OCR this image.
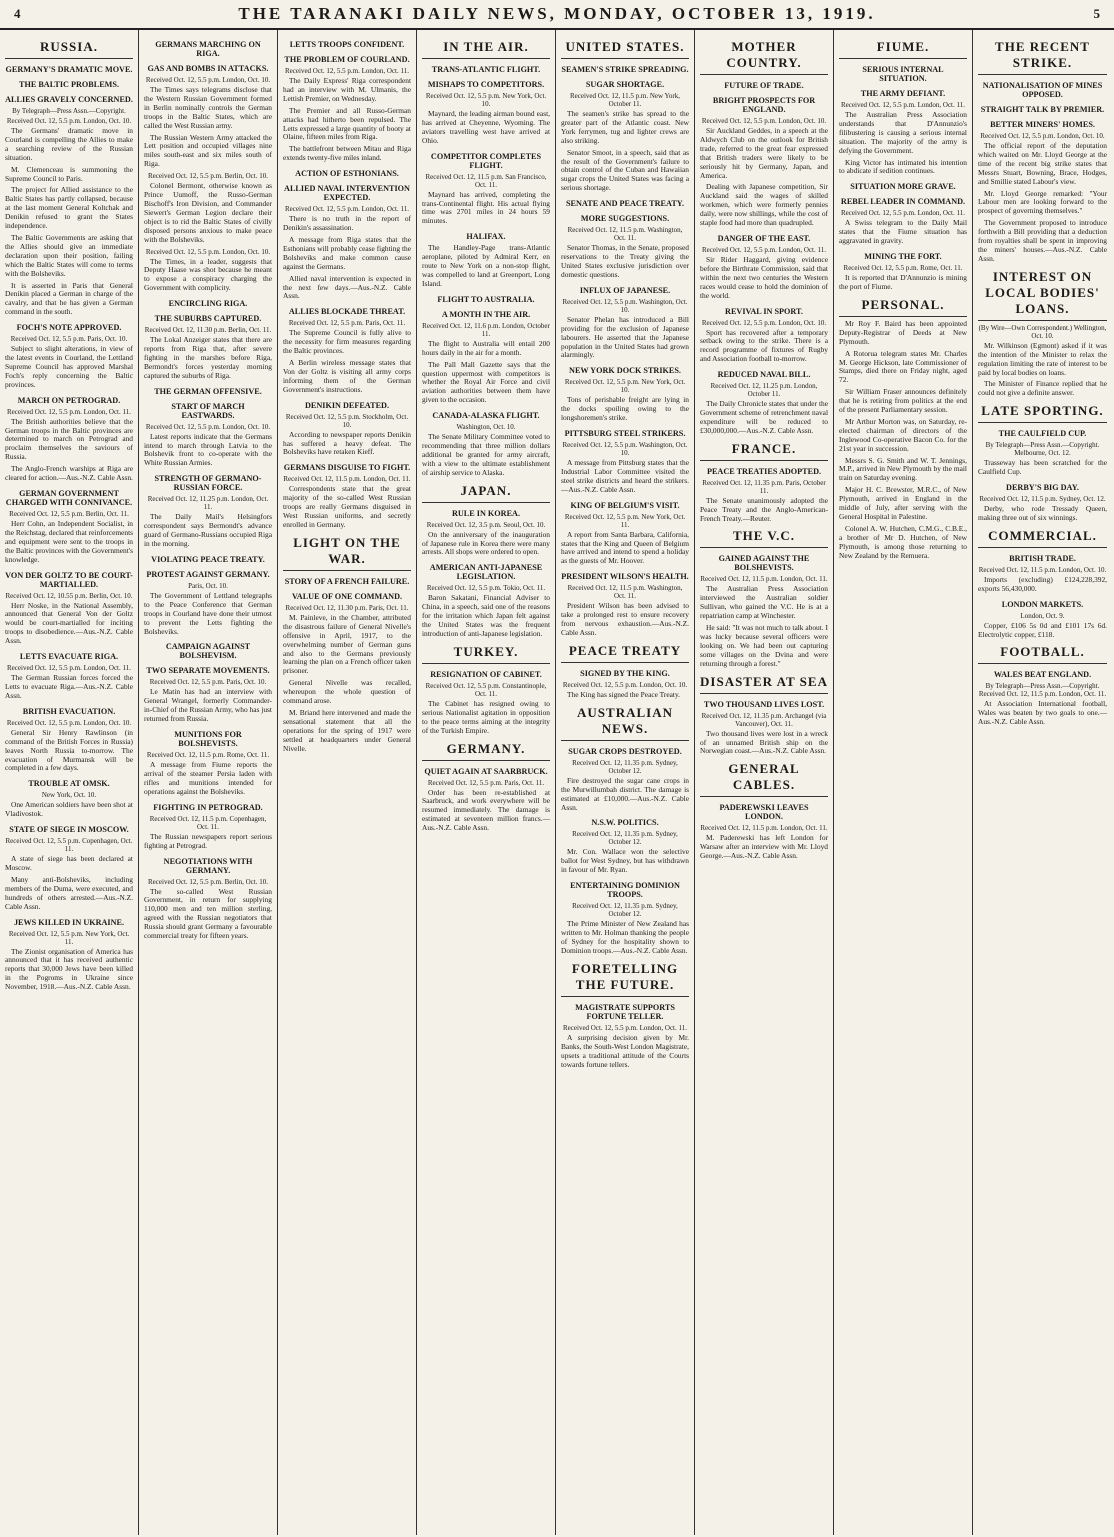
4	THE TARANAKI DAILY NEWS, MONDAY, OCTOBER 13, 1919.	5
RUSSIA.
GERMANY'S DRAMATIC MOVE.
THE BALTIC PROBLEMS.
ALLIES GRAVELY CONCERNED.
By Telegraph—Press Assn.—Copyright.
Received Oct. 12, 5.5 p.m. London, Oct. 10.
The Germans' dramatic move in Courland is compelling the Allies to make a searching review of the Russian situation.
M. Clemenceau is summoning the Supreme Council to Paris.
The project for Allied assistance to the Baltic States has partly collapsed, because at the last moment General Koltchak and Denikin refused to grant the States independence.
The Baltic Governments are asking that the Allies should give an immediate declaration upon their position, failing which the Baltic States will come to terms with the Bolsheviks.
It is asserted in Paris that General Denikin placed a German in charge of the cavalry, and that he has given a German command in the south.
FOCH'S NOTE APPROVED.
Received Oct. 12, 5.5 p.m. Paris, Oct. 10.
Subject to slight alterations, in view of the latest events in Courland, the Lettland Supreme Council has approved Marshal Foch's reply concerning the Baltic provinces.
MARCH ON PETROGRAD.
Received Oct. 12, 5.5 p.m. London, Oct. 11.
The British authorities believe that the German troops in the Baltic provinces are determined to march on Petrograd and proclaim themselves the saviours of Russia.
The Anglo-French warships at Riga are cleared for action.—Aus.-N.Z. Cable Assn.
GERMAN GOVERNMENT CHARGED WITH CONNIVANCE.
Received Oct. 12, 5.5 p.m. Berlin, Oct. 11.
Herr Cohn, an Independent Socialist, in the Reichstag, declared that reinforcements and equipment were sent to the troops in the Baltic provinces with the Government's knowledge.
VON DER GOLTZ TO BE COURT-MARTIALLED.
Received Oct. 12, 10.55 p.m. Berlin, Oct. 10.
Herr Noske, in the National Assembly, announced that General Von der Goltz would be court-martialled for inciting troops to disobedience.—Aus.-N.Z. Cable Assn.
LETTS EVACUATE RIGA.
Received Oct. 12, 5.5 p.m. London, Oct. 11.
The German Russian forces forced the Letts to evacuate Riga.—Aus.-N.Z. Cable Assn.
BRITISH EVACUATION.
Received Oct. 12, 5.5 p.m. London, Oct. 10.
General Sir Henry Rawlinson (in command of the British Forces in Russia) leaves North Russia to-morrow. The evacuation of Murmansk will be completed in a few days.
TROUBLE AT OMSK.
New York, Oct. 10.
One American soldiers have been shot at Vladivostok.
STATE OF SIEGE IN MOSCOW.
Received Oct. 12, 5.5 p.m. Copenhagen, Oct. 11.
A state of siege has been declared at Moscow.
Many anti-Bolsheviks, including members of the Duma, were executed, and hundreds of others arrested.—Aus.-N.Z. Cable Assn.
JEWS KILLED IN UKRAINE.
Received Oct. 12, 5.5 p.m. New York, Oct. 11.
The Zionist organisation of America has announced that it has received authentic reports that 30,000 Jews have been killed in the Pogroms in Ukraine since November, 1918.—Aus.-N.Z. Cable Assn.
GERMANS MARCHING ON RIGA.
GAS AND BOMBS IN ATTACKS.
Received Oct. 12, 5.5 p.m. London, Oct. 10.
The Times says telegrams disclose that the Western Russian Government formed in Berlin nominally controls the German troops in the Baltic States, which are called the West Russian army.
The Russian Western Army attacked the Lett position and occupied villages nine miles south-east and six miles south of Riga.
Received Oct. 12, 5.5 p.m. Berlin, Oct. 10.
Colonel Bermont, otherwise known as Prince Uumoff, the Russo-German Bischoff's Iron Division, and Commander Siewert's German Legion declare their object is to rid the Baltic States of civilly disposed persons anxious to make peace with the Bolsheviks.
Received Oct. 12, 5.5 p.m. London, Oct. 10.
The Times, in a leader, suggests that Deputy Haase was shot because he meant to expose a conspiracy charging the Government with complicity.
ENCIRCLING RIGA.
THE SUBURBS CAPTURED.
Received Oct. 12, 11.30 p.m. Berlin, Oct. 11.
The Lokal Anzeiger states that there are reports from Riga that, after severe fighting in the marshes before Riga, Bermondt's forces yesterday morning captured the suburbs of Riga.
THE GERMAN OFFENSIVE.
START OF MARCH EASTWARDS.
Received Oct. 12, 5.5 p.m. London, Oct. 10.
Latest reports indicate that the Germans intend to march through Latvia to the Bolshevik front to co-operate with the White Russian Armies.
STRENGTH OF GERMANO-RUSSIAN FORCE.
Received Oct. 12, 11.25 p.m. London, Oct. 11.
The Daily Mail's Helsingfors correspondent says Bermondt's advance guard of Germano-Russians occupied Riga in the morning.
VIOLATING PEACE TREATY.
PROTEST AGAINST GERMANY.
Paris, Oct. 10.
The Government of Lettland telegraphs to the Peace Conference that German troops in Courland have done their utmost to prevent the Letts fighting the Bolsheviks.
CAMPAIGN AGAINST BOLSHEVISM.
TWO SEPARATE MOVEMENTS.
Received Oct. 12, 5.5 p.m. Paris, Oct. 10.
Le Matin has had an interview with General Wrangel, formerly Commander-in-Chief of the Russian Army, who has just returned from Russia.
MUNITIONS FOR BOLSHEVISTS.
Received Oct. 12, 11.5 p.m. Rome, Oct. 11.
A message from Fiume reports the arrival of the steamer Persia laden with rifles and munitions intended for operations against the Bolsheviks.
FIGHTING IN PETROGRAD.
Received Oct. 12, 11.5 p.m. Copenhagen, Oct. 11.
The Russian newspapers report serious fighting at Petrograd.
NEGOTIATIONS WITH GERMANY.
Received Oct. 12, 5.5 p.m. Berlin, Oct. 10.
The so-called West Russian Government, in return for supplying 110,000 men and ten million sterling, agreed with the Russian negotiators that Russia should grant Germany a favourable commercial treaty for fifteen years.
LETTS TROOPS CONFIDENT.
THE PROBLEM OF COURLAND.
Received Oct. 12, 5.5 p.m. London, Oct. 11.
The Daily Express' Riga correspondent had an interview with M. Ulmanis, the Lettish Premier, on Wednesday.
The Premier and all Russo-German attacks had hitherto been repulsed. The Letts expressed a large quantity of booty at Olaine, fifteen miles from Riga.
The battlefront between Mitau and Riga extends twenty-five miles inland.
ACTION OF ESTHONIANS.
ALLIED NAVAL INTERVENTION EXPECTED.
Received Oct. 12, 5.5 p.m. London, Oct. 11.
There is no truth in the report of Denikin's assassination.
A message from Riga states that the Esthonians will probably cease fighting the Bolsheviks and make common cause against the Germans.
Allied naval intervention is expected in the next few days.—Aus.-N.Z. Cable Assn.
ALLIES BLOCKADE THREAT.
Received Oct. 12, 5.5 p.m. Paris, Oct. 11.
The Supreme Council is fully alive to the necessity for firm measures regarding the Baltic provinces.
A Berlin wireless message states that Von der Goltz is visiting all army corps informing them of the German Government's instructions.
DENIKIN DEFEATED.
Received Oct. 12, 5.5 p.m. Stockholm, Oct. 10.
According to newspaper reports Denikin has suffered a heavy defeat. The Bolsheviks have retaken Kieff.
GERMANS DISGUISE TO FIGHT.
Received Oct. 12, 11.5 p.m. London, Oct. 11.
Correspondents state that the great majority of the so-called West Russian troops are really Germans disguised in West Russian uniforms, and secretly enrolled in Germany.
LIGHT ON THE WAR.
STORY OF A FRENCH FAILURE.
VALUE OF ONE COMMAND.
Received Oct. 12, 11.30 p.m. Paris, Oct. 11.
M. Painleve, in the Chamber, attributed the disastrous failure of General Nivelle's offensive in April, 1917, to the overwhelming number of German guns and also to the Germans previously learning the plan on a French officer taken prisoner.
General Nivelle was recalled, whereupon the whole question of command arose.
M. Briand here intervened and made the sensational statement that all the operations for the spring of 1917 were settled at headquarters under General Nivelle.
IN THE AIR.
TRANS-ATLANTIC FLIGHT.
MISHAPS TO COMPETITORS.
Received Oct. 12, 5.5 p.m. New York, Oct. 10.
Maynard, the leading airman bound east, has arrived at Cheyenne, Wyoming. The aviators travelling west have arrived at Ohio.
COMPETITOR COMPLETES FLIGHT.
Received Oct. 12, 11.5 p.m. San Francisco, Oct. 11.
Maynard has arrived, completing the trans-Continental flight. His actual flying time was 2701 miles in 24 hours 59 minutes.
HALIFAX.
The Handley-Page trans-Atlantic aeroplane, piloted by Admiral Kerr, en route to New York on a non-stop flight, was compelled to land at Greenport, Long Island.
FLIGHT TO AUSTRALIA.
A MONTH IN THE AIR.
Received Oct. 12, 11.6 p.m. London, October 11.
The flight to Australia will entail 200 hours daily in the air for a month.
The Pall Mall Gazette says that the question uppermost with competitors is whether the Royal Air Force and civil aviation authorities between them have given to the occasion.
CANADA-ALASKA FLIGHT.
Washington, Oct. 10.
The Senate Military Committee voted to recommending that three million dollars additional be granted for army aircraft, with a view to the ultimate establishment of airship service to Alaska.
JAPAN.
RULE IN KOREA.
Received Oct. 12, 3.5 p.m. Seoul, Oct. 10.
On the anniversary of the inauguration of Japanese rule in Korea there were many arrests. All shops were ordered to open.
AMERICAN ANTI-JAPANESE LEGISLATION.
Received Oct. 12, 5.5 p.m. Tokio, Oct. 11.
Baron Sakatani, Financial Adviser to China, in a speech, said one of the reasons for the irritation which Japan felt against the United States was the frequent introduction of anti-Japanese legislation.
TURKEY.
RESIGNATION OF CABINET.
Received Oct. 12, 5.5 p.m. Constantinople, Oct. 11.
The Cabinet has resigned owing to serious Nationalist agitation in opposition to the peace terms aiming at the integrity of the Turkish Empire.
GERMANY.
QUIET AGAIN AT SAARBRUCK.
Received Oct. 12, 5.5 p.m. Paris, Oct. 11.
Order has been re-established at Saarbruck, and work everywhere will be resumed immediately. The damage is estimated at seventeen million francs.—Aus.-N.Z. Cable Assn.
UNITED STATES.
SEAMEN'S STRIKE SPREADING.
SUGAR SHORTAGE.
Received Oct. 12, 11.5 p.m. New York, October 11.
The seamen's strike has spread to the greater part of the Atlantic coast. New York ferrymen, tug and lighter crews are also striking.
Senator Smoot, in a speech, said that as the result of the Government's failure to obtain control of the Cuban and Hawaiian sugar crops the United States was facing a serious shortage.
SENATE AND PEACE TREATY.
MORE SUGGESTIONS.
Received Oct. 12, 11.5 p.m. Washington, Oct. 11.
Senator Thomas, in the Senate, proposed reservations to the Treaty giving the United States exclusive jurisdiction over domestic questions.
INFLUX OF JAPANESE.
Received Oct. 12, 5.5 p.m. Washington, Oct. 10.
Senator Phelan has introduced a Bill providing for the exclusion of Japanese labourers. He asserted that the Japanese population in the United States had grown alarmingly.
NEW YORK DOCK STRIKES.
Received Oct. 12, 5.5 p.m. New York, Oct. 10.
Tons of perishable freight are lying in the docks spoiling owing to the longshoremen's strike.
PITTSBURG STEEL STRIKERS.
Received Oct. 12, 5.5 p.m. Washington, Oct. 10.
A message from Pittsburg states that the Industrial Labor Committee visited the steel strike districts and heard the strikers.—Aus.-N.Z. Cable Assn.
KING OF BELGIUM'S VISIT.
Received Oct. 12, 5.5 p.m. New York, Oct. 11.
A report from Santa Barbara, California, states that the King and Queen of Belgium have arrived and intend to spend a holiday as the guests of Mr. Hoover.
PRESIDENT WILSON'S HEALTH.
Received Oct. 12, 11.5 p.m. Washington, Oct. 11.
President Wilson has been advised to take a prolonged rest to ensure recovery from nervous exhaustion.—Aus.-N.Z. Cable Assn.
PEACE TREATY
SIGNED BY THE KING.
Received Oct. 12, 5.5 p.m. London, Oct. 10.
The King has signed the Peace Treaty.
AUSTRALIAN NEWS.
SUGAR CROPS DESTROYED.
Received Oct. 12, 11.35 p.m. Sydney, October 12.
Fire destroyed the sugar cane crops in the Murwillumbah district. The damage is estimated at £10,000.—Aus.-N.Z. Cable Assn.
N.S.W. POLITICS.
Received Oct. 12, 11.35 p.m. Sydney, October 12.
Mr. Con. Wallace won the selective ballot for West Sydney, but has withdrawn in favour of Mr. Ryan.
ENTERTAINING DOMINION TROOPS.
Received Oct. 12, 11.35 p.m. Sydney, October 12.
The Prime Minister of New Zealand has written to Mr. Holman thanking the people of Sydney for the hospitality shown to Dominion troops.—Aus.-N.Z. Cable Assn.
FORETELLING THE FUTURE.
MAGISTRATE SUPPORTS FORTUNE TELLER.
Received Oct. 12, 5.5 p.m. London, Oct. 11.
A surprising decision given by Mr. Banks, the South-West London Magistrate, upsets a traditional attitude of the Courts towards fortune tellers.
MOTHER COUNTRY.
FUTURE OF TRADE.
BRIGHT PROSPECTS FOR ENGLAND.
Received Oct. 12, 5.5 p.m. London, Oct. 10.
Sir Auckland Geddes, in a speech at the Aldwych Club on the outlook for British trade, referred to the great fear expressed that British traders were likely to be seriously hit by Germany, Japan, and America.
Dealing with Japanese competition, Sir Auckland said the wages of skilled workmen, which were formerly pennies daily, were now shillings, while the cost of staple food had more than quadrupled.
DANGER OF THE EAST.
Received Oct. 12, 5.5 p.m. London, Oct. 11.
Sir Rider Haggard, giving evidence before the Birthrate Commission, said that within the next two centuries the Western races would cease to hold the dominion of the world.
REVIVAL IN SPORT.
Received Oct. 12, 5.5 p.m. London, Oct. 10.
Sport has recovered after a temporary setback owing to the strike. There is a record programme of fixtures of Rugby and Association football to-morrow.
REDUCED NAVAL BILL.
Received Oct. 12, 11.25 p.m. London, October 11.
The Daily Chronicle states that under the Government scheme of retrenchment naval expenditure will be reduced to £30,000,000.—Aus.-N.Z. Cable Assn.
FRANCE.
PEACE TREATIES ADOPTED.
Received Oct. 12, 11.35 p.m. Paris, October 11.
The Senate unanimously adopted the Peace Treaty and the Anglo-American-French Treaty.—Reuter.
THE V.C.
GAINED AGAINST THE BOLSHEVISTS.
Received Oct. 12, 11.5 p.m. London, Oct. 11.
The Australian Press Association interviewed the Australian soldier Sullivan, who gained the V.C. He is at a repatriation camp at Winchester.
He said: "It was not much to talk about. I was lucky because several officers were looking on. We had been out capturing some villages on the Dvina and were returning through a forest."
DISASTER AT SEA
TWO THOUSAND LIVES LOST.
Received Oct. 12, 11.35 p.m. Archangel (via Vancouver), Oct. 11.
Two thousand lives were lost in a wreck of an unnamed British ship on the Norwegian coast.—Aus.-N.Z. Cable Assn.
GENERAL CABLES.
PADEREWSKI LEAVES LONDON.
Received Oct. 12, 11.5 p.m. London, Oct. 11.
M. Paderewski has left London for Warsaw after an interview with Mr. Lloyd George.—Aus.-N.Z. Cable Assn.
FIUME.
SERIOUS INTERNAL SITUATION.
THE ARMY DEFIANT.
Received Oct. 12, 5.5 p.m. London, Oct. 11.
The Australian Press Association understands that D'Annunzio's filibustering is causing a serious internal situation. The majority of the army is defying the Government.
King Victor has intimated his intention to abdicate if sedition continues.
SITUATION MORE GRAVE.
REBEL LEADER IN COMMAND.
Received Oct. 12, 5.5 p.m. London, Oct. 11.
A Swiss telegram to the Daily Mail states that the Fiume situation has aggravated in gravity.
MINING THE FORT.
Received Oct. 12, 5.5 p.m. Rome, Oct. 11.
It is reported that D'Annunzio is mining the port of Fiume.
PERSONAL.
Mr Roy F. Baird has been appointed Deputy-Registrar of Deeds at New Plymouth.
A Rotorua telegram states Mr. Charles M. George Hickson, late Commissioner of Stamps, died there on Friday night, aged 72.
Sir William Fraser announces definitely that he is retiring from politics at the end of the present Parliamentary session.
Mr Arthur Morton was, on Saturday, re-elected chairman of directors of the Inglewood Co-operative Bacon Co. for the 21st year in succession.
Messrs S. G. Smith and W. T. Jennings, M.P., arrived in New Plymouth by the mail train on Saturday evening.
Major H. C. Brewster, M.R.C., of New Plymouth, arrived in England in the middle of July, after serving with the General Hospital in Palestine.
Colonel A. W. Hutchen, C.M.G., C.B.E., a brother of Mr D. Hutchen, of New Plymouth, is among those returning to New Zealand by the Remuera.
THE RECENT STRIKE.
NATIONALISATION OF MINES OPPOSED.
STRAIGHT TALK BY PREMIER.
BETTER MINERS' HOMES.
Received Oct. 12, 5.5 p.m. London, Oct. 10.
The official report of the deputation which waited on Mr. Lloyd George at the time of the recent big strike states that Messrs Stuart, Bowning, Brace, Hodges, and Smillie stated Labour's view.
Mr. Lloyd George remarked: "Your Labour men are looking forward to the prospect of governing themselves."
The Government proposed to introduce forthwith a Bill providing that a deduction from royalties shall be spent in improving the miners' houses.—Aus.-N.Z. Cable Assn.
INTEREST ON LOCAL BODIES' LOANS.
(By Wire—Own Correspondent.) Wellington, Oct. 10.
Mr. Wilkinson (Egmont) asked if it was the intention of the Minister to relax the regulation limiting the rate of interest to be paid by local bodies on loans.
The Minister of Finance replied that he could not give a definite answer.
LATE SPORTING.
THE CAULFIELD CUP.
By Telegraph—Press Assn.—Copyright. Melbourne, Oct. 12.
Trasseway has been scratched for the Caulfield Cup.
DERBY'S BIG DAY.
Received Oct. 12, 11.5 p.m. Sydney, Oct. 12.
Derby, who rode Tressady Queen, making three out of six winnings.
COMMERCIAL.
BRITISH TRADE.
Received Oct. 12, 11.5 p.m. London, Oct. 10.
Imports (excluding) £124,228,392, exports 56,430,000.
LONDON MARKETS.
London, Oct. 9.
Copper, £106 5s 0d and £101 17s 6d. Electrolytic copper, £118.
FOOTBALL.
WALES BEAT ENGLAND.
By Telegraph—Press Assn.—Copyright. Received Oct. 12, 11.5 p.m. London, Oct. 11.
At Association International football, Wales was beaten by two goals to one.—Aus.-N.Z. Cable Assn.
